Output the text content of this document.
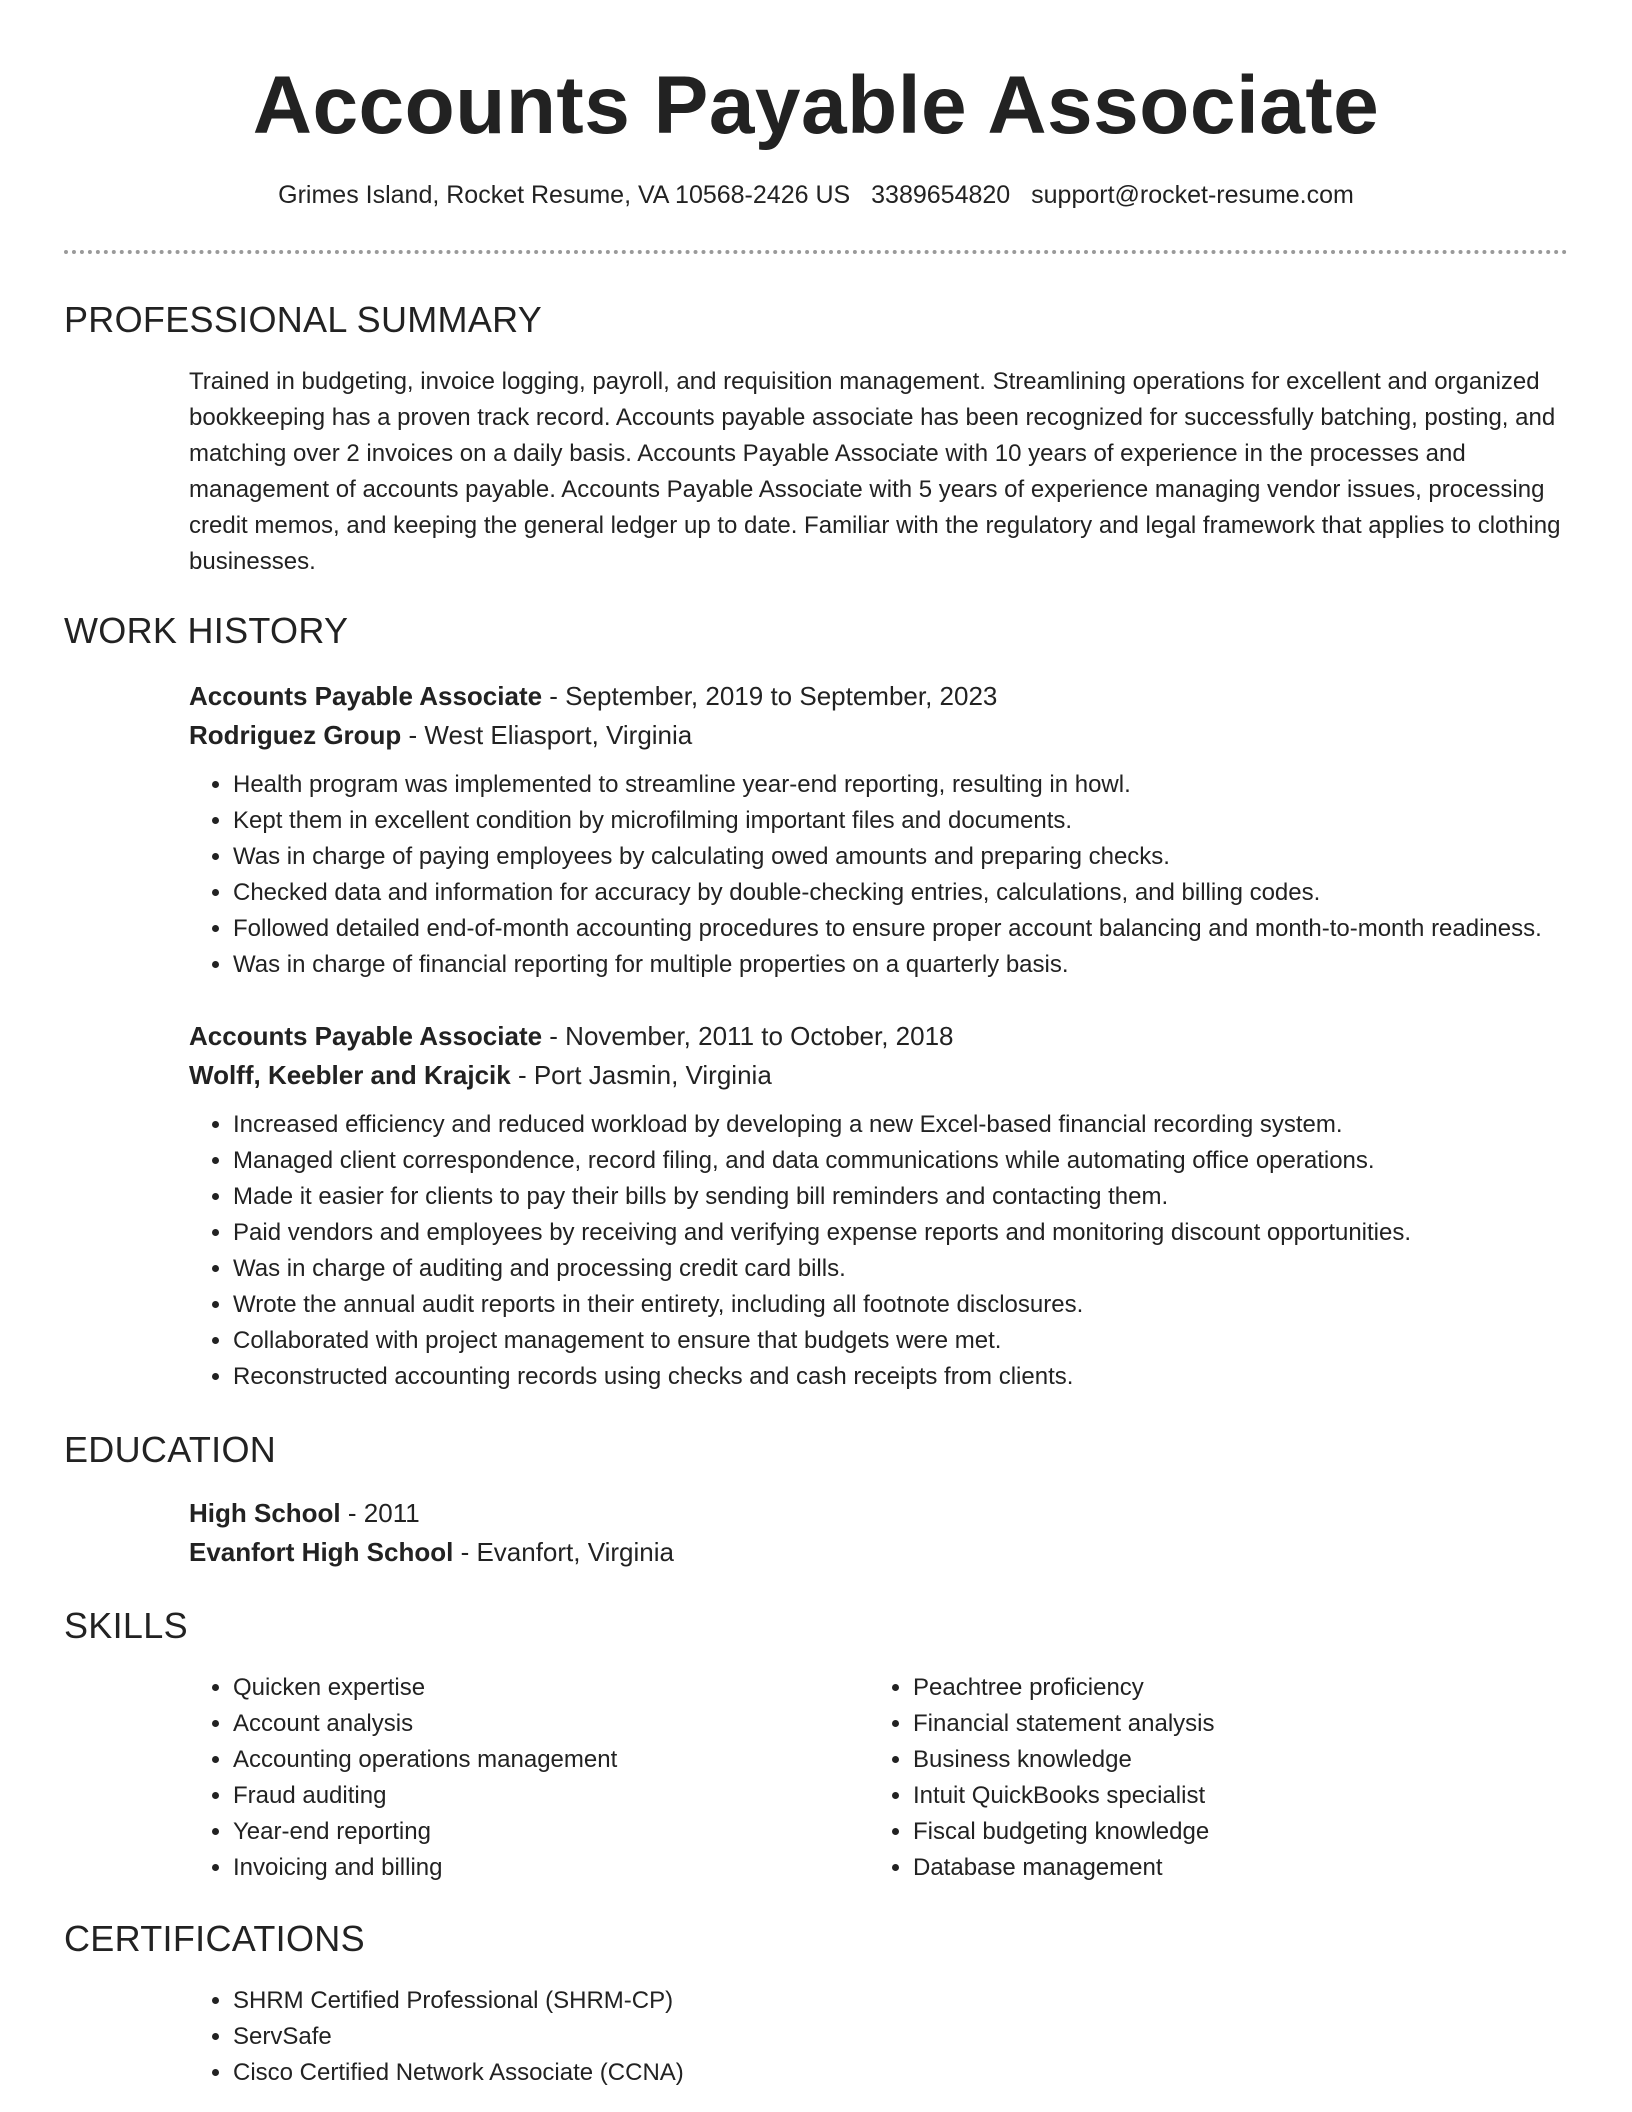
Accounts Payable Associate
Grimes Island, Rocket Resume, VA 10568-2426 US 3389654820 support@rocket-resume.com
PROFESSIONAL SUMMARY
Trained in budgeting, invoice logging, payroll, and requisition management. Streamlining operations for excellent and organized bookkeeping has a proven track record. Accounts payable associate has been recognized for successfully batching, posting, and matching over 2 invoices on a daily basis. Accounts Payable Associate with 10 years of experience in the processes and management of accounts payable. Accounts Payable Associate with 5 years of experience managing vendor issues, processing credit memos, and keeping the general ledger up to date. Familiar with the regulatory and legal framework that applies to clothing businesses.
WORK HISTORY
Accounts Payable Associate - September, 2019 to September, 2023
Rodriguez Group - West Eliasport, Virginia
• Health program was implemented to streamline year-end reporting, resulting in howl.
• Kept them in excellent condition by microfilming important files and documents.
• Was in charge of paying employees by calculating owed amounts and preparing checks.
• Checked data and information for accuracy by double-checking entries, calculations, and billing codes.
• Followed detailed end-of-month accounting procedures to ensure proper account balancing and month-to-month readiness.
• Was in charge of financial reporting for multiple properties on a quarterly basis.
Accounts Payable Associate - November, 2011 to October, 2018
Wolff, Keebler and Krajcik - Port Jasmin, Virginia
• Increased efficiency and reduced workload by developing a new Excel-based financial recording system.
• Managed client correspondence, record filing, and data communications while automating office operations.
• Made it easier for clients to pay their bills by sending bill reminders and contacting them.
• Paid vendors and employees by receiving and verifying expense reports and monitoring discount opportunities.
• Was in charge of auditing and processing credit card bills.
• Wrote the annual audit reports in their entirety, including all footnote disclosures.
• Collaborated with project management to ensure that budgets were met.
• Reconstructed accounting records using checks and cash receipts from clients.
EDUCATION
High School - 2011
Evanfort High School - Evanfort, Virginia
SKILLS
• Quicken expertise
• Account analysis
• Accounting operations management
• Fraud auditing
• Year-end reporting
• Invoicing and billing
• Peachtree proficiency
• Financial statement analysis
• Business knowledge
• Intuit QuickBooks specialist
• Fiscal budgeting knowledge
• Database management
CERTIFICATIONS
• SHRM Certified Professional (SHRM-CP)
• ServSafe
• Cisco Certified Network Associate (CCNA)
